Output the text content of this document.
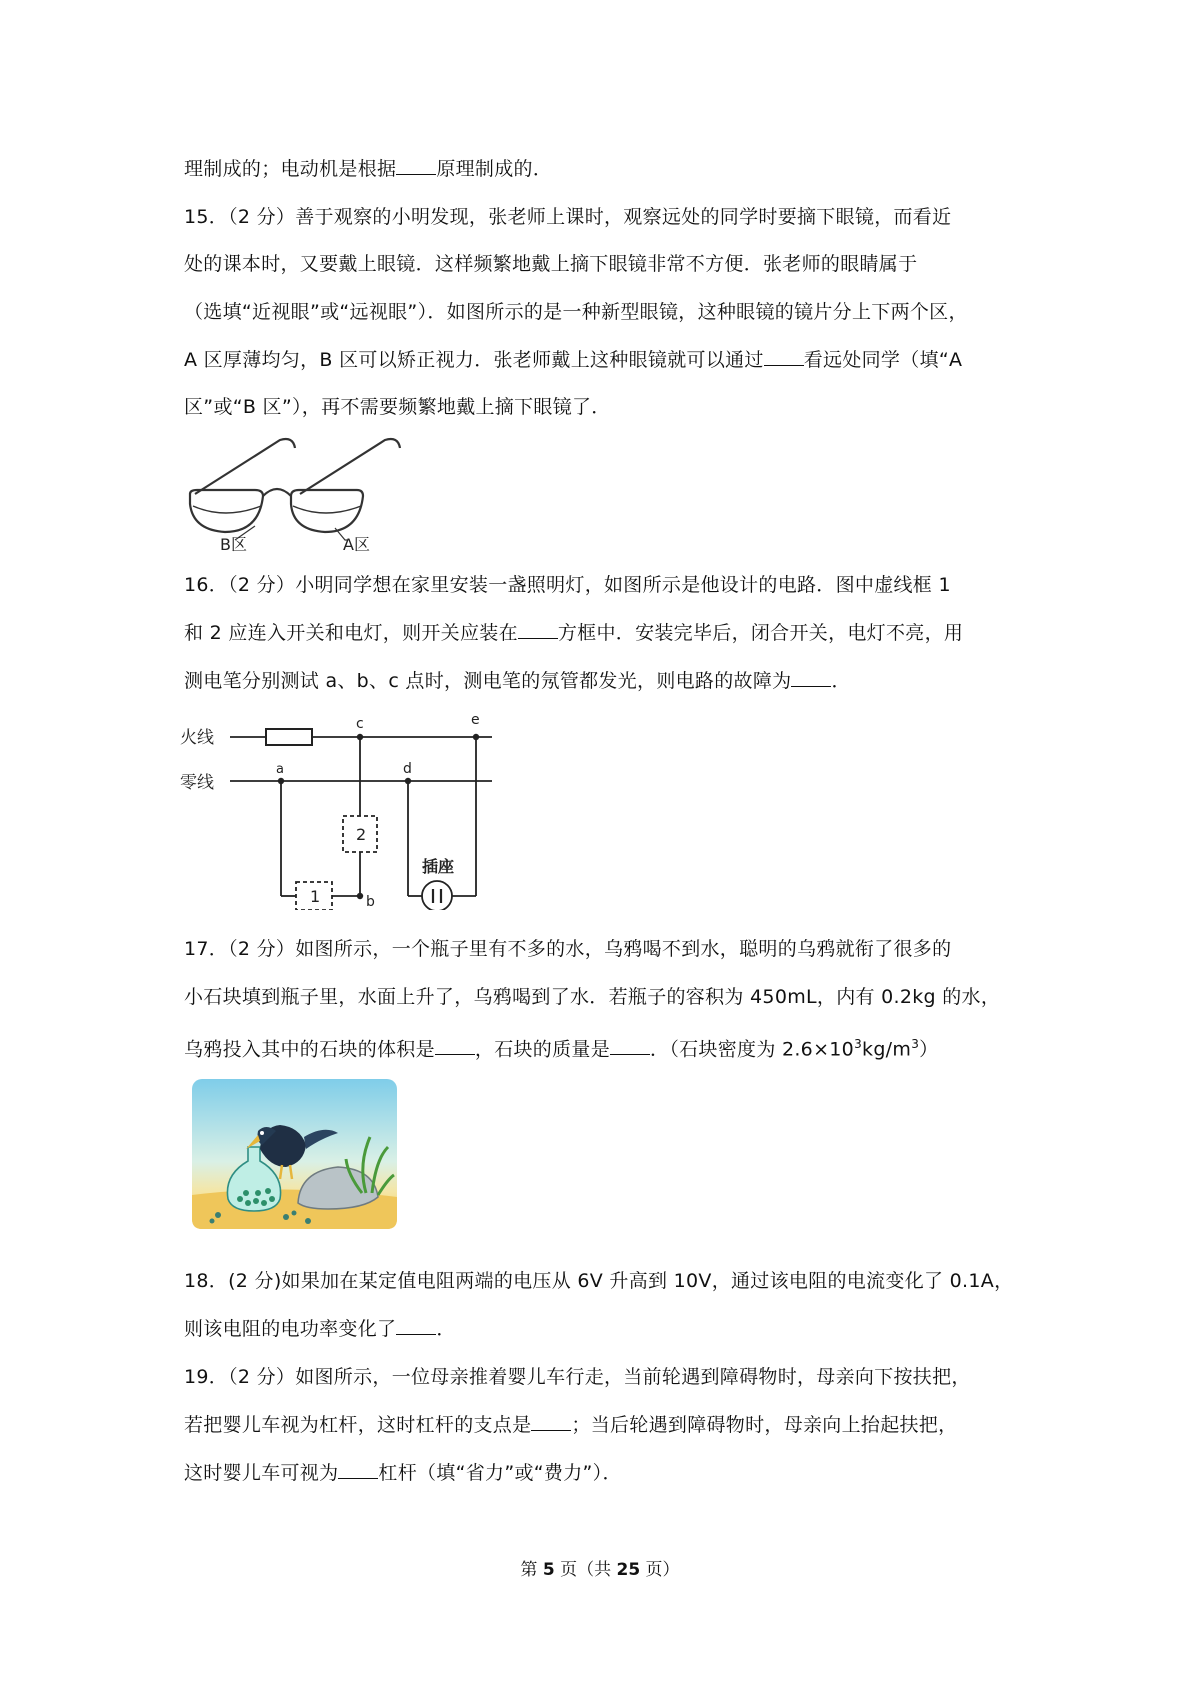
理制成的；电动机是根据 原理制成的．
15．（2 分）善于观察的小明发现，张老师上课时，观察远处的同学时要摘下眼镜，而看近
处的课本时，又要戴上眼镜．这样频繁地戴上摘下眼镜非常不方便．张老师的眼睛属于
（选填“近视眼”或“远视眼”）．如图所示的是一种新型眼镜，这种眼镜的镜片分上下两个区，
A 区厚薄均匀，B 区可以矫正视力．张老师戴上这种眼镜就可以通过 看远处同学（填“A
区”或“B 区”），再不需要频繁地戴上摘下眼镜了．
B区	A区
16．（2 分）小明同学想在家里安装一盏照明灯，如图所示是他设计的电路．图中虚线框 1
和 2 应连入开关和电灯，则开关应装在 方框中．安装完毕后，闭合开关，电灯不亮，用
测电笔分别测试 a、b、c 点时，测电笔的氖管都发光，则电路的故障为 ．
火线
零线
a
b
c
d
e
2
1
插座
17．（2 分）如图所示，一个瓶子里有不多的水，乌鸦喝不到水，聪明的乌鸦就衔了很多的
小石块填到瓶子里，水面上升了，乌鸦喝到了水．若瓶子的容积为 450mL，内有 0.2kg 的水，
乌鸦投入其中的石块的体积是 ，石块的质量是 ．（石块密度为 $2.6\times 10^3kg/m^3$）
18．(2 分)如果加在某定值电阻两端的电压从 6V 升高到 10V，通过该电阻的电流变化了 0.1A，
则该电阻的电功率变化了 ．
19．（2 分）如图所示，一位母亲推着婴儿车行走，当前轮遇到障碍物时，母亲向下按扶把，
若把婴儿车视为杠杆，这时杠杆的支点是 ；当后轮遇到障碍物时，母亲向上抬起扶把，
这时婴儿车可视为 杠杆（填“省力”或“费力”）．
第 5 页（共 25 页）
